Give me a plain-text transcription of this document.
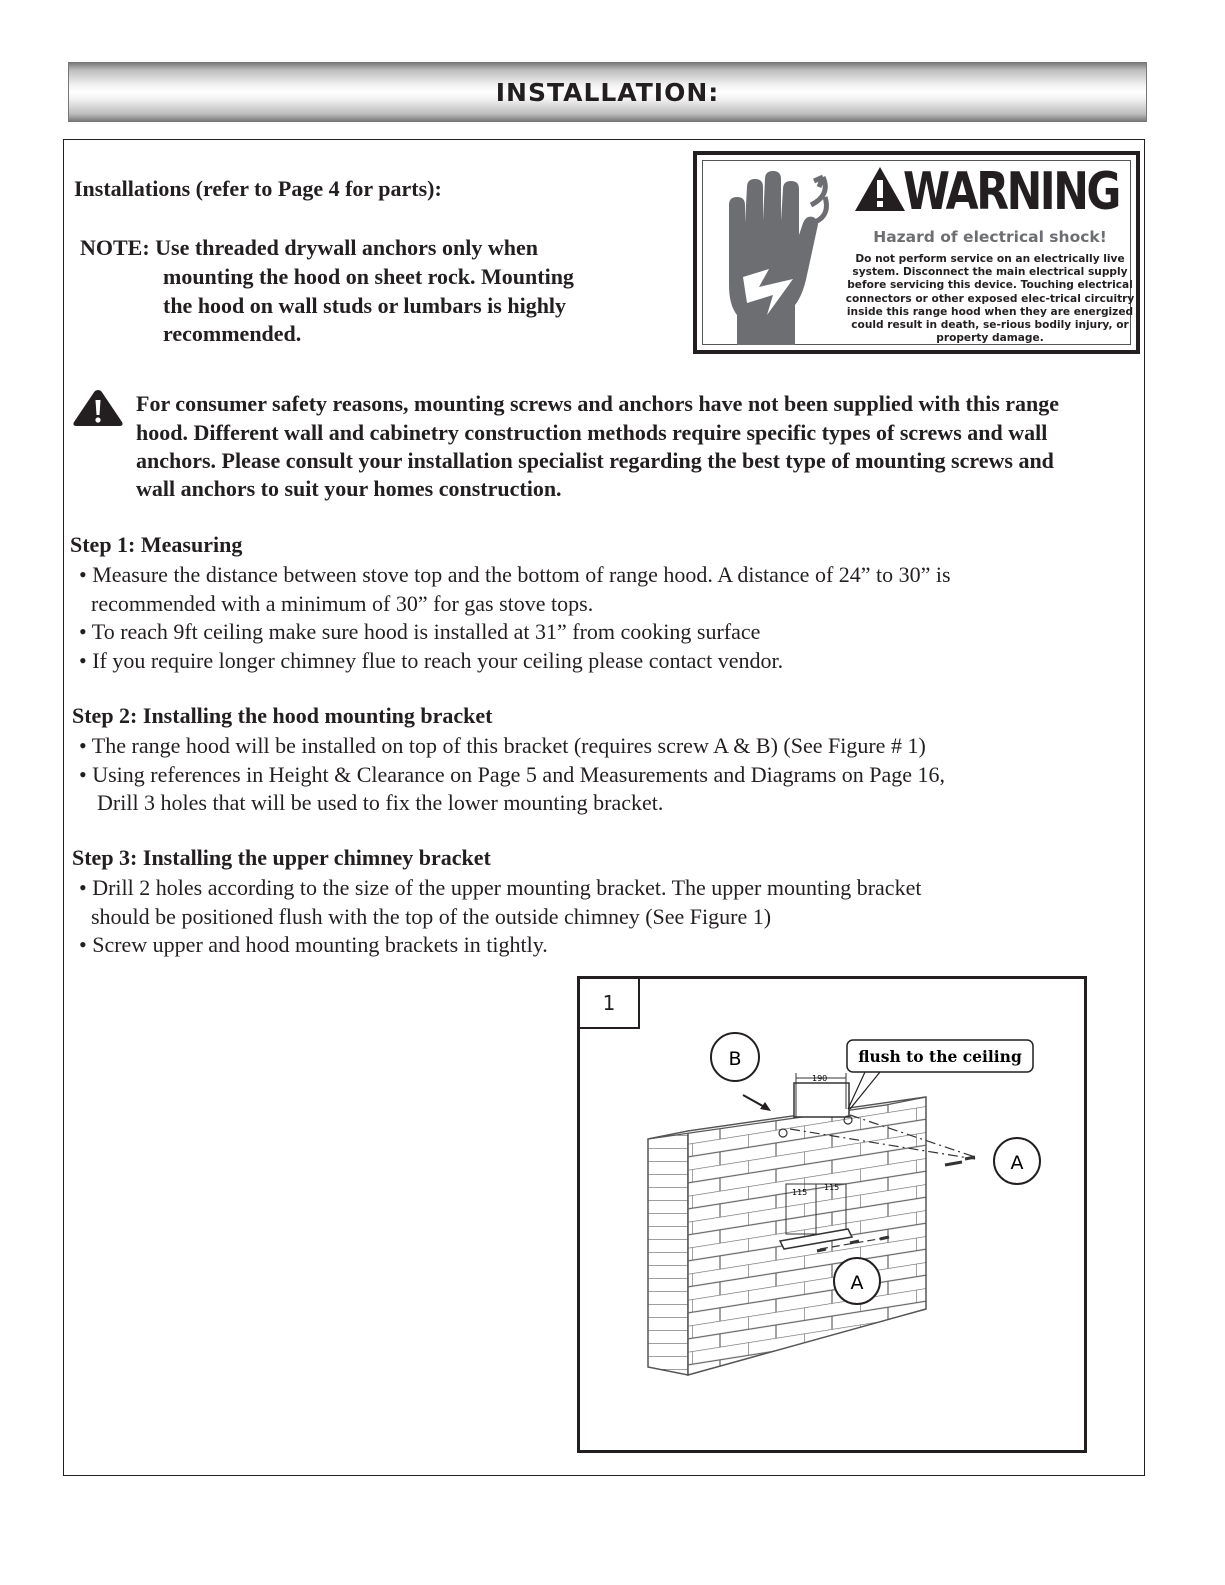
INSTALLATION:
Installations (refer to Page 4 for parts):
NOTE: Use threaded drywall anchors only when
mounting the hood on sheet rock. Mounting
the hood on wall studs or lumbars is highly
recommended.
WARNING
Hazard of electrical shock!
Do not perform service on an electrically live system. Disconnect the main electrical supply before servicing this device. Touching electrical connectors or other exposed elec-trical circuitry inside this range hood when they are energized could result in death, se-rious bodily injury, or property damage.
For consumer safety reasons, mounting screws and anchors have not been supplied with this range
hood. Different wall and cabinetry construction methods require specific types of screws and wall
anchors. Please consult your installation specialist regarding the best type of mounting screws and
wall anchors to suit your homes construction.
Step 1: Measuring
• Measure the distance between stove top and the bottom of range hood. A distance of 24” to 30” is
recommended with a minimum of 30” for gas stove tops.
• To reach 9ft ceiling make sure hood is installed at 31” from cooking surface
• If you require longer chimney flue to reach your ceiling please contact vendor.
Step 2: Installing the hood mounting bracket
• The range hood will be installed on top of this bracket (requires screw A & B) (See Figure # 1)
• Using references in Height & Clearance on Page 5 and Measurements and Diagrams on Page 16,
Drill 3 holes that will be used to fix the lower mounting bracket.
Step 3: Installing the upper chimney bracket
• Drill 2 holes according to the size of the upper mounting bracket. The upper mounting bracket
should be positioned flush with the top of the outside chimney (See Figure 1)
• Screw upper and hood mounting brackets in tightly.
1
190
115
115
B	flush to the ceiling
A
A
